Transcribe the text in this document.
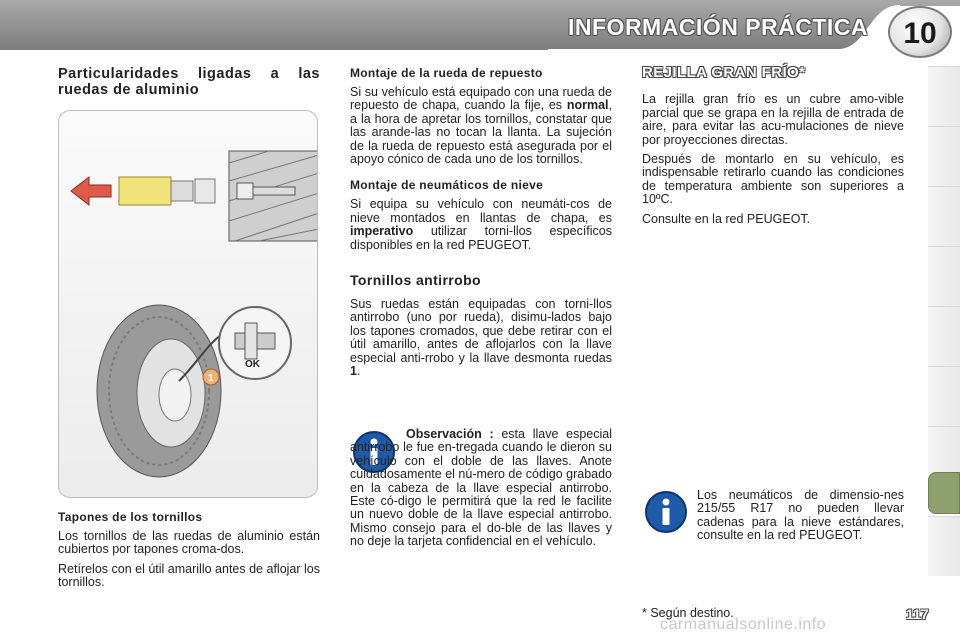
INFORMACIÓN PRÁCTICA	10
Particularidades ligadas a las ruedas de aluminio
OK
1
Tapones de los tornillos

Los tornillos de las ruedas de aluminio están cubiertos por tapones croma-dos.

Retírelos con el útil amarillo antes de aflojar los tornillos.

Montaje de la rueda de repuesto

Si su vehículo está equipado con una rueda de repuesto de chapa, cuando la fije, es normal, a la hora de apretar los tornillos, constatar que las arande-las no tocan la llanta. La sujeción de la rueda de repuesto está asegurada por el apoyo cónico de cada uno de los tornillos.

Montaje de neumáticos de nieve

Si equipa su vehículo con neumáti-cos de nieve montados en llantas de chapa, es imperativo utilizar torni-llos específicos disponibles en la red PEUGEOT.

Tornillos antirrobo

Sus ruedas están equipadas con torni-llos antirrobo (uno por rueda), disimu-lados bajo los tapones cromados, que debe retirar con el útil amarillo, antes de aflojarlos con la llave especial anti-rrobo y la llave desmonta ruedas 1.

Observación : esta llave especial antirrobo le fue en-tregada cuando le dieron su vehículo con el doble de las llaves. Anote cuidadosamente el nú-mero de código grabado en la cabeza de la llave especial antirrobo. Este có-digo le permitirá que la red le facilite un nuevo doble de la llave especial antirrobo. Mismo consejo para el do-ble de las llaves y no deje la tarjeta confidencial en el vehículo.

REJILLA GRAN FRÍO*

La rejilla gran frío es un cubre amo-vible parcial que se grapa en la rejilla de entrada de aire, para evitar las acu-mulaciones de nieve por proyecciones directas.

Después de montarlo en su vehículo, es indispensable retirarlo cuando las condiciones de temperatura ambiente son superiores a 10ºC.

Consulte en la red PEUGEOT.

Los neumáticos de dimensio-nes 215/55 R17 no pueden llevar cadenas para la nieve estándares, consulte en la red PEUGEOT.

* Según destino.
carmanualsonline.info
117
